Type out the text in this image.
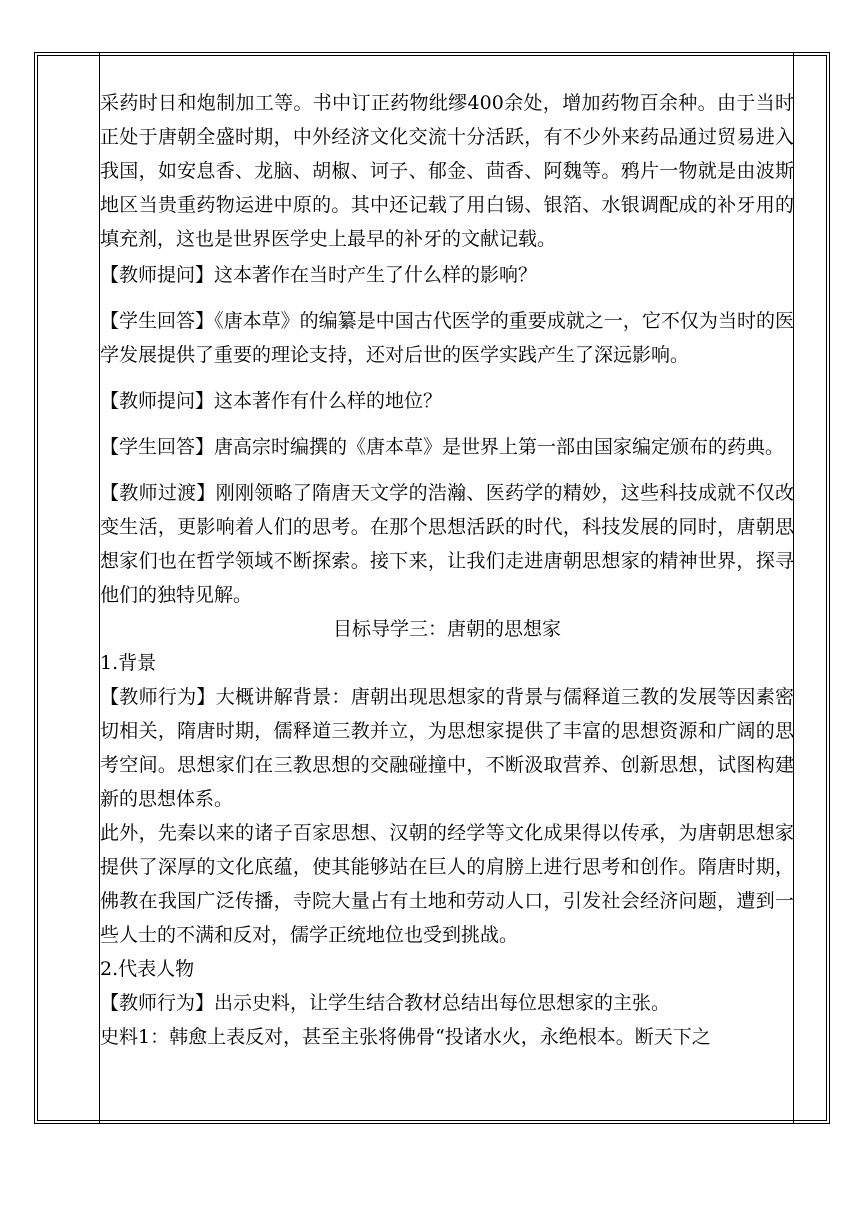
采药时日和炮制加工等。书中订正药物纰缪400余处，增加药物百余种。由于当时正处于唐朝全盛时期，中外经济文化交流十分活跃，有不少外来药品通过贸易进入我国，如安息香、龙脑、胡椒、诃子、郁金、茴香、阿魏等。鸦片一物就是由波斯地区当贵重药物运进中原的。其中还记载了用白锡、银箔、水银调配成的补牙用的填充剂，这也是世界医学史上最早的补牙的文献记载。

【教师提问】这本著作在当时产生了什么样的影响？

【学生回答】《唐本草》的编纂是中国古代医学的重要成就之一，它不仅为当时的医学发展提供了重要的理论支持，还对后世的医学实践产生了深远影响。

【教师提问】这本著作有什么样的地位？

【学生回答】唐高宗时编撰的《唐本草》是世界上第一部由国家编定颁布的药典。

【教师过渡】刚刚领略了隋唐天文学的浩瀚、医药学的精妙，这些科技成就不仅改变生活，更影响着人们的思考。在那个思想活跃的时代，科技发展的同时，唐朝思想家们也在哲学领域不断探索。接下来，让我们走进唐朝思想家的精神世界，探寻他们的独特见解。

目标导学三：唐朝的思想家

1.背景

【教师行为】大概讲解背景：唐朝出现思想家的背景与儒释道三教的发展等因素密切相关，隋唐时期，儒释道三教并立，为思想家提供了丰富的思想资源和广阔的思考空间。思想家们在三教思想的交融碰撞中，不断汲取营养、创新思想，试图构建新的思想体系。

此外，先秦以来的诸子百家思想、汉朝的经学等文化成果得以传承，为唐朝思想家提供了深厚的文化底蕴，使其能够站在巨人的肩膀上进行思考和创作。隋唐时期，佛教在我国广泛传播，寺院大量占有土地和劳动人口，引发社会经济问题，遭到一些人士的不满和反对，儒学正统地位也受到挑战。

2.代表人物

【教师行为】出示史料，让学生结合教材总结出每位思想家的主张。

史料1：韩愈上表反对，甚至主张将佛骨“投诸水火，永绝根本。断天下之
